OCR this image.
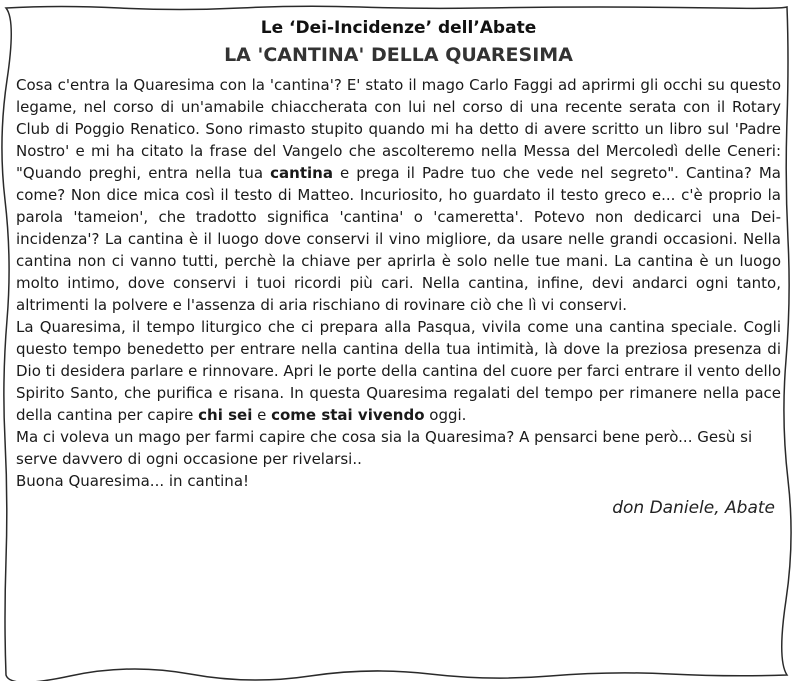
Le ‘Dei-Incidenze’ dell’Abate
LA 'CANTINA' DELLA QUARESIMA

Cosa c'entra la Quaresima con la 'cantina'? E' stato il mago Carlo Faggi ad aprirmi gli occhi su questo legame, nel corso di un'amabile chiaccherata con lui nel corso di una recente serata con il Rotary Club di Poggio Renatico. Sono rimasto stupito quando mi ha detto di avere scritto un libro sul 'Padre Nostro' e mi ha citato la frase del Vangelo che ascolteremo nella Messa del Mercoledì delle Ceneri: "Quando preghi, entra nella tua cantina e prega il Padre tuo che vede nel segreto". Cantina? Ma come? Non dice mica così il testo di Matteo. Incuriosito, ho guardato il testo greco e... c'è proprio la parola 'tameion', che tradotto significa 'cantina' o 'cameretta'. Potevo non dedicarci una Dei-incidenza'? La cantina è il luogo dove conservi il vino migliore, da usare nelle grandi occasioni. Nella cantina non ci vanno tutti, perchè la chiave per aprirla è solo nelle tue mani. La cantina è un luogo molto intimo, dove conservi i tuoi ricordi più cari. Nella cantina, infine, devi andarci ogni tanto, altrimenti la polvere e l'assenza di aria rischiano di rovinare ciò che lì vi conservi.

La Quaresima, il tempo liturgico che ci prepara alla Pasqua, vivila come una cantina speciale. Cogli questo tempo benedetto per entrare nella cantina della tua intimità, là dove la preziosa presenza di Dio ti desidera parlare e rinnovare. Apri le porte della cantina del cuore per farci entrare il vento dello Spirito Santo, che purifica e risana. In questa Quaresima regalati del tempo per rimanere nella pace della cantina per capire chi sei e come stai vivendo oggi.

Ma ci voleva un mago per farmi capire che cosa sia la Quaresima? A pensarci bene però... Gesù si serve davvero di ogni occasione per rivelarsi..

Buona Quaresima... in cantina!

don Daniele, Abate
